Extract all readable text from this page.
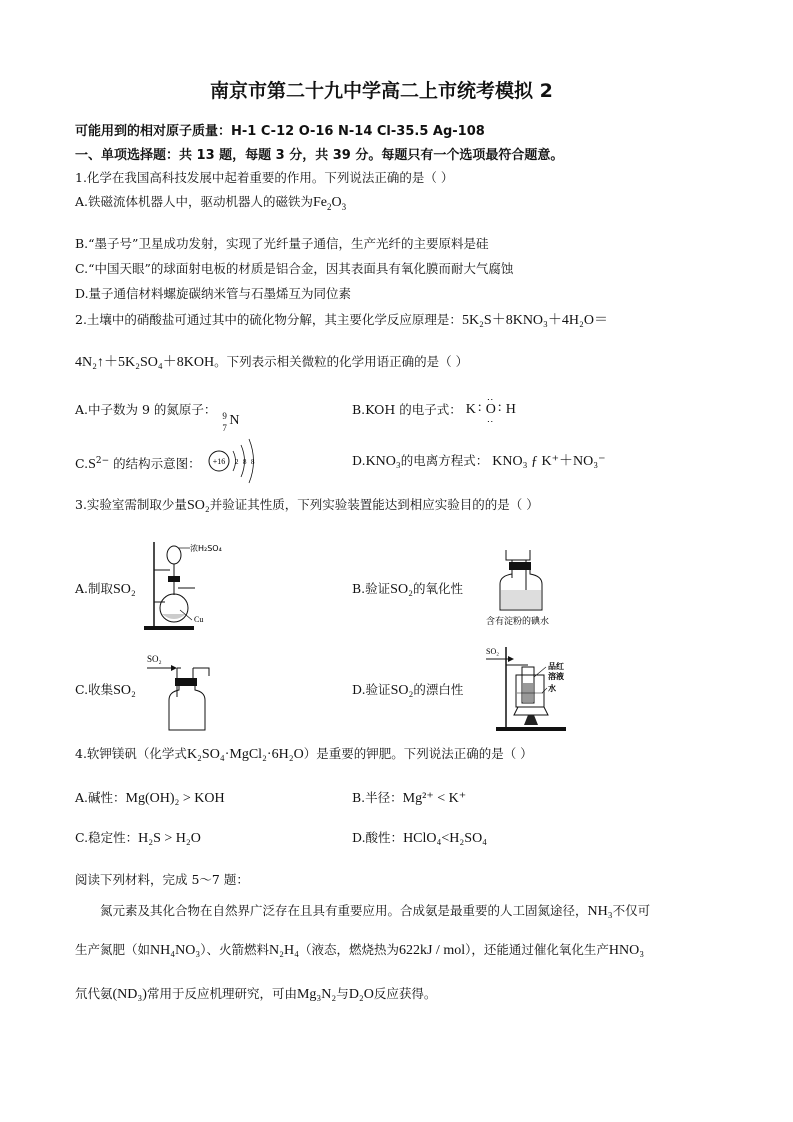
南京市第二十九中学高二上市统考模拟 2
可能用到的相对原子质量：H-1 C-12 O-16 N-14 Cl-35.5 Ag-108
一、单项选择题：共 13 题，每题 3 分，共 39 分。每题只有一个选项最符合题意。
1.化学在我国高科技发展中起着重要的作用。下列说法正确的是（ ）
A.铁磁流体机器人中，驱动机器人的磁铁为$Fe_2O_3$
B.“墨子号”卫星成功发射，实现了光纤量子通信，生产光纤的主要原料是硅
C.“中国天眼”的球面射电板的材质是铝合金，因其表面具有氧化膜而耐大气腐蚀
D.量子通信材料螺旋碳纳米管与石墨烯互为同位素
2.土壤中的硝酸盐可通过其中的硫化物分解，其主要化学反应原理是：5K₂S＋8KNO₃＋4H₂O＝
4N₂↑＋5K₂SO₄＋8KOH。下列表示相关微粒的化学用语正确的是（ ）
A.中子数为 9 的氮原子： 9
7 N
B.KOH 的电子式： K : O
‥
‥
: H
$C.S^{2-}$ 的结构示意图： +16 2 8 8	D.KNO₃的电离方程式： KNO₃ ƒ K⁺＋NO₃⁻
3.实验室需制取少量SO₂并验证其性质，下列实验装置能达到相应实验目的的是（ ）
A.制取SO₂
浓H₂SO₄
Cu
B.验证SO₂的氧化性
含有淀粉的碘水
C.收集SO₂
SO₂
D.验证SO₂的漂白性
SO₂
品红
溶液
水
4.软钾镁矾（化学式K₂SO₄·MgCl₂·6H₂O）是重要的钾肥。下列说法正确的是（ ）
A.碱性：Mg(OH)₂ > KOH	B.半径：Mg²⁺ < K⁺
C.稳定性：H₂S > H₂O	D.酸性：HClO₄<H₂SO₄
阅读下列材料，完成 5～7 题：
氮元素及其化合物在自然界广泛存在且具有重要应用。合成氨是最重要的人工固氮途径，NH₃不仅可
生产氮肥（如NH₄NO₃）、火箭燃料N₂H₄（液态，燃烧热为622kJ / mol），还能通过催化氧化生产HNO₃
氘代氨(ND₃)常用于反应机理研究，可由Mg₃N₂与D₂O反应获得。
